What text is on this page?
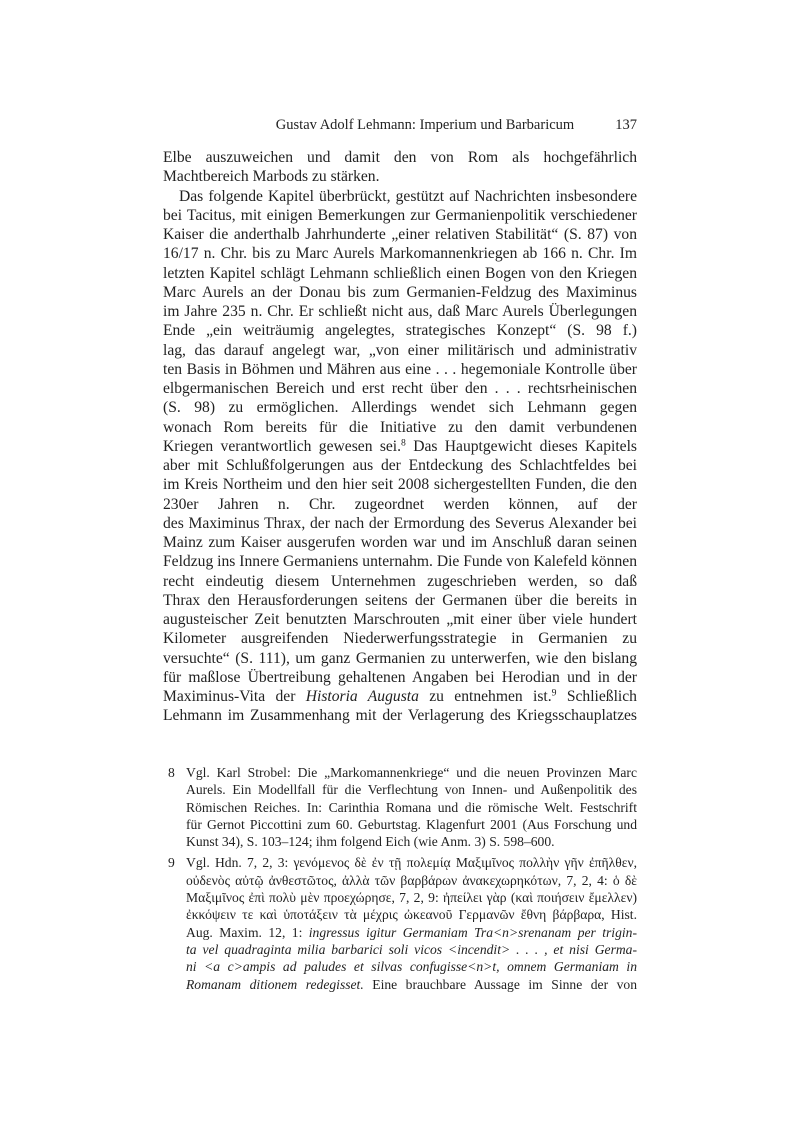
Gustav Adolf Lehmann: Imperium und Barbaricum	137
Elbe auszuweichen und damit den von Rom als hochgefährlich
Machtbereich Marbods zu stärken.
Das folgende Kapitel überbrückt, gestützt auf Nachrichten insbesondere
bei Tacitus, mit einigen Bemerkungen zur Germanienpolitik verschiedener
Kaiser die anderthalb Jahrhunderte „einer relativen Stabilität“ (S. 87) von
16/17 n. Chr. bis zu Marc Aurels Markomannenkriegen ab 166 n. Chr. Im
letzten Kapitel schlägt Lehmann schließlich einen Bogen von den Kriegen
Marc Aurels an der Donau bis zum Germanien-Feldzug des Maximinus
im Jahre 235 n. Chr. Er schließt nicht aus, daß Marc Aurels Überlegungen
Ende „ein weiträumig angelegtes, strategisches Konzept“ (S. 98 f.)
lag, das darauf angelegt war, „von einer militärisch und administrativ
ten Basis in Böhmen und Mähren aus eine . . . hegemoniale Kontrolle über
elbgermanischen Bereich und erst recht über den . . . rechtsrheinischen
(S. 98) zu ermöglichen. Allerdings wendet sich Lehmann gegen
wonach Rom bereits für die Initiative zu den damit verbundenen
Kriegen verantwortlich gewesen sei.$^8$ Das Hauptgewicht dieses Kapitels
aber mit Schlußfolgerungen aus der Entdeckung des Schlachtfeldes bei
im Kreis Northeim und den hier seit 2008 sichergestellten Funden, die den
230er Jahren n. Chr. zugeordnet werden können, auf der
des Maximinus Thrax, der nach der Ermordung des Severus Alexander bei
Mainz zum Kaiser ausgerufen worden war und im Anschluß daran seinen
Feldzug ins Innere Germaniens unternahm. Die Funde von Kalefeld können
recht eindeutig diesem Unternehmen zugeschrieben werden, so daß
Thrax den Herausforderungen seitens der Germanen über die bereits in
augusteischer Zeit benutzten Marschrouten „mit einer über viele hundert
Kilometer ausgreifenden Niederwerfungsstrategie in Germanien zu
versuchte“ (S. 111), um ganz Germanien zu unterwerfen, wie den bislang
für maßlose Übertreibung gehaltenen Angaben bei Herodian und in der
Maximinus-Vita der Historia Augusta zu entnehmen ist.$^9$ Schließlich
Lehmann im Zusammenhang mit der Verlagerung des Kriegsschauplatzes
8 Vgl. Karl Strobel: Die „Markomannenkriege“ und die neuen Provinzen Marc
Aurels. Ein Modellfall für die Verflechtung von Innen- und Außenpolitik des
Römischen Reiches. In: Carinthia Romana und die römische Welt. Festschrift
für Gernot Piccottini zum 60. Geburtstag. Klagenfurt 2001 (Aus Forschung und
Kunst 34), S. 103–124; ihm folgend Eich (wie Anm. 3) S. 598–600.
9 Vgl. Hdn. 7, 2, 3: γενόμενος δὲ ἐν τῇ πολεμίᾳ Μαξιμῖνος πολλὴν γῆν ἐπῆλθεν,
οὐδενὸς αὐτῷ ἀνθεστῶτος, ἀλλὰ τῶν βαρβάρων ἀνακεχωρηκότων, 7, 2, 4: ὁ δὲ
Μαξιμῖνος ἐπὶ πολὺ μὲν προεχώρησε, 7, 2, 9: ἠπείλει γὰρ (καὶ ποιήσειν ἔμελλεν)
ἐκκόψειν τε καὶ ὑποτάξειν τὰ μέχρις ὠκεανοῦ Γερμανῶν ἔθνη βάρβαρα, Hist.
Aug. Maxim. 12, 1: ingressus igitur Germaniam Tra<n>srenanam per trigin-
ta vel quadraginta milia barbarici soli vicos <incendit> . . . , et nisi Germa-
ni <a c>ampis ad paludes et silvas confugisse<n>t, omnem Germaniam in
Romanam ditionem redegisset. Eine brauchbare Aussage im Sinne der von
